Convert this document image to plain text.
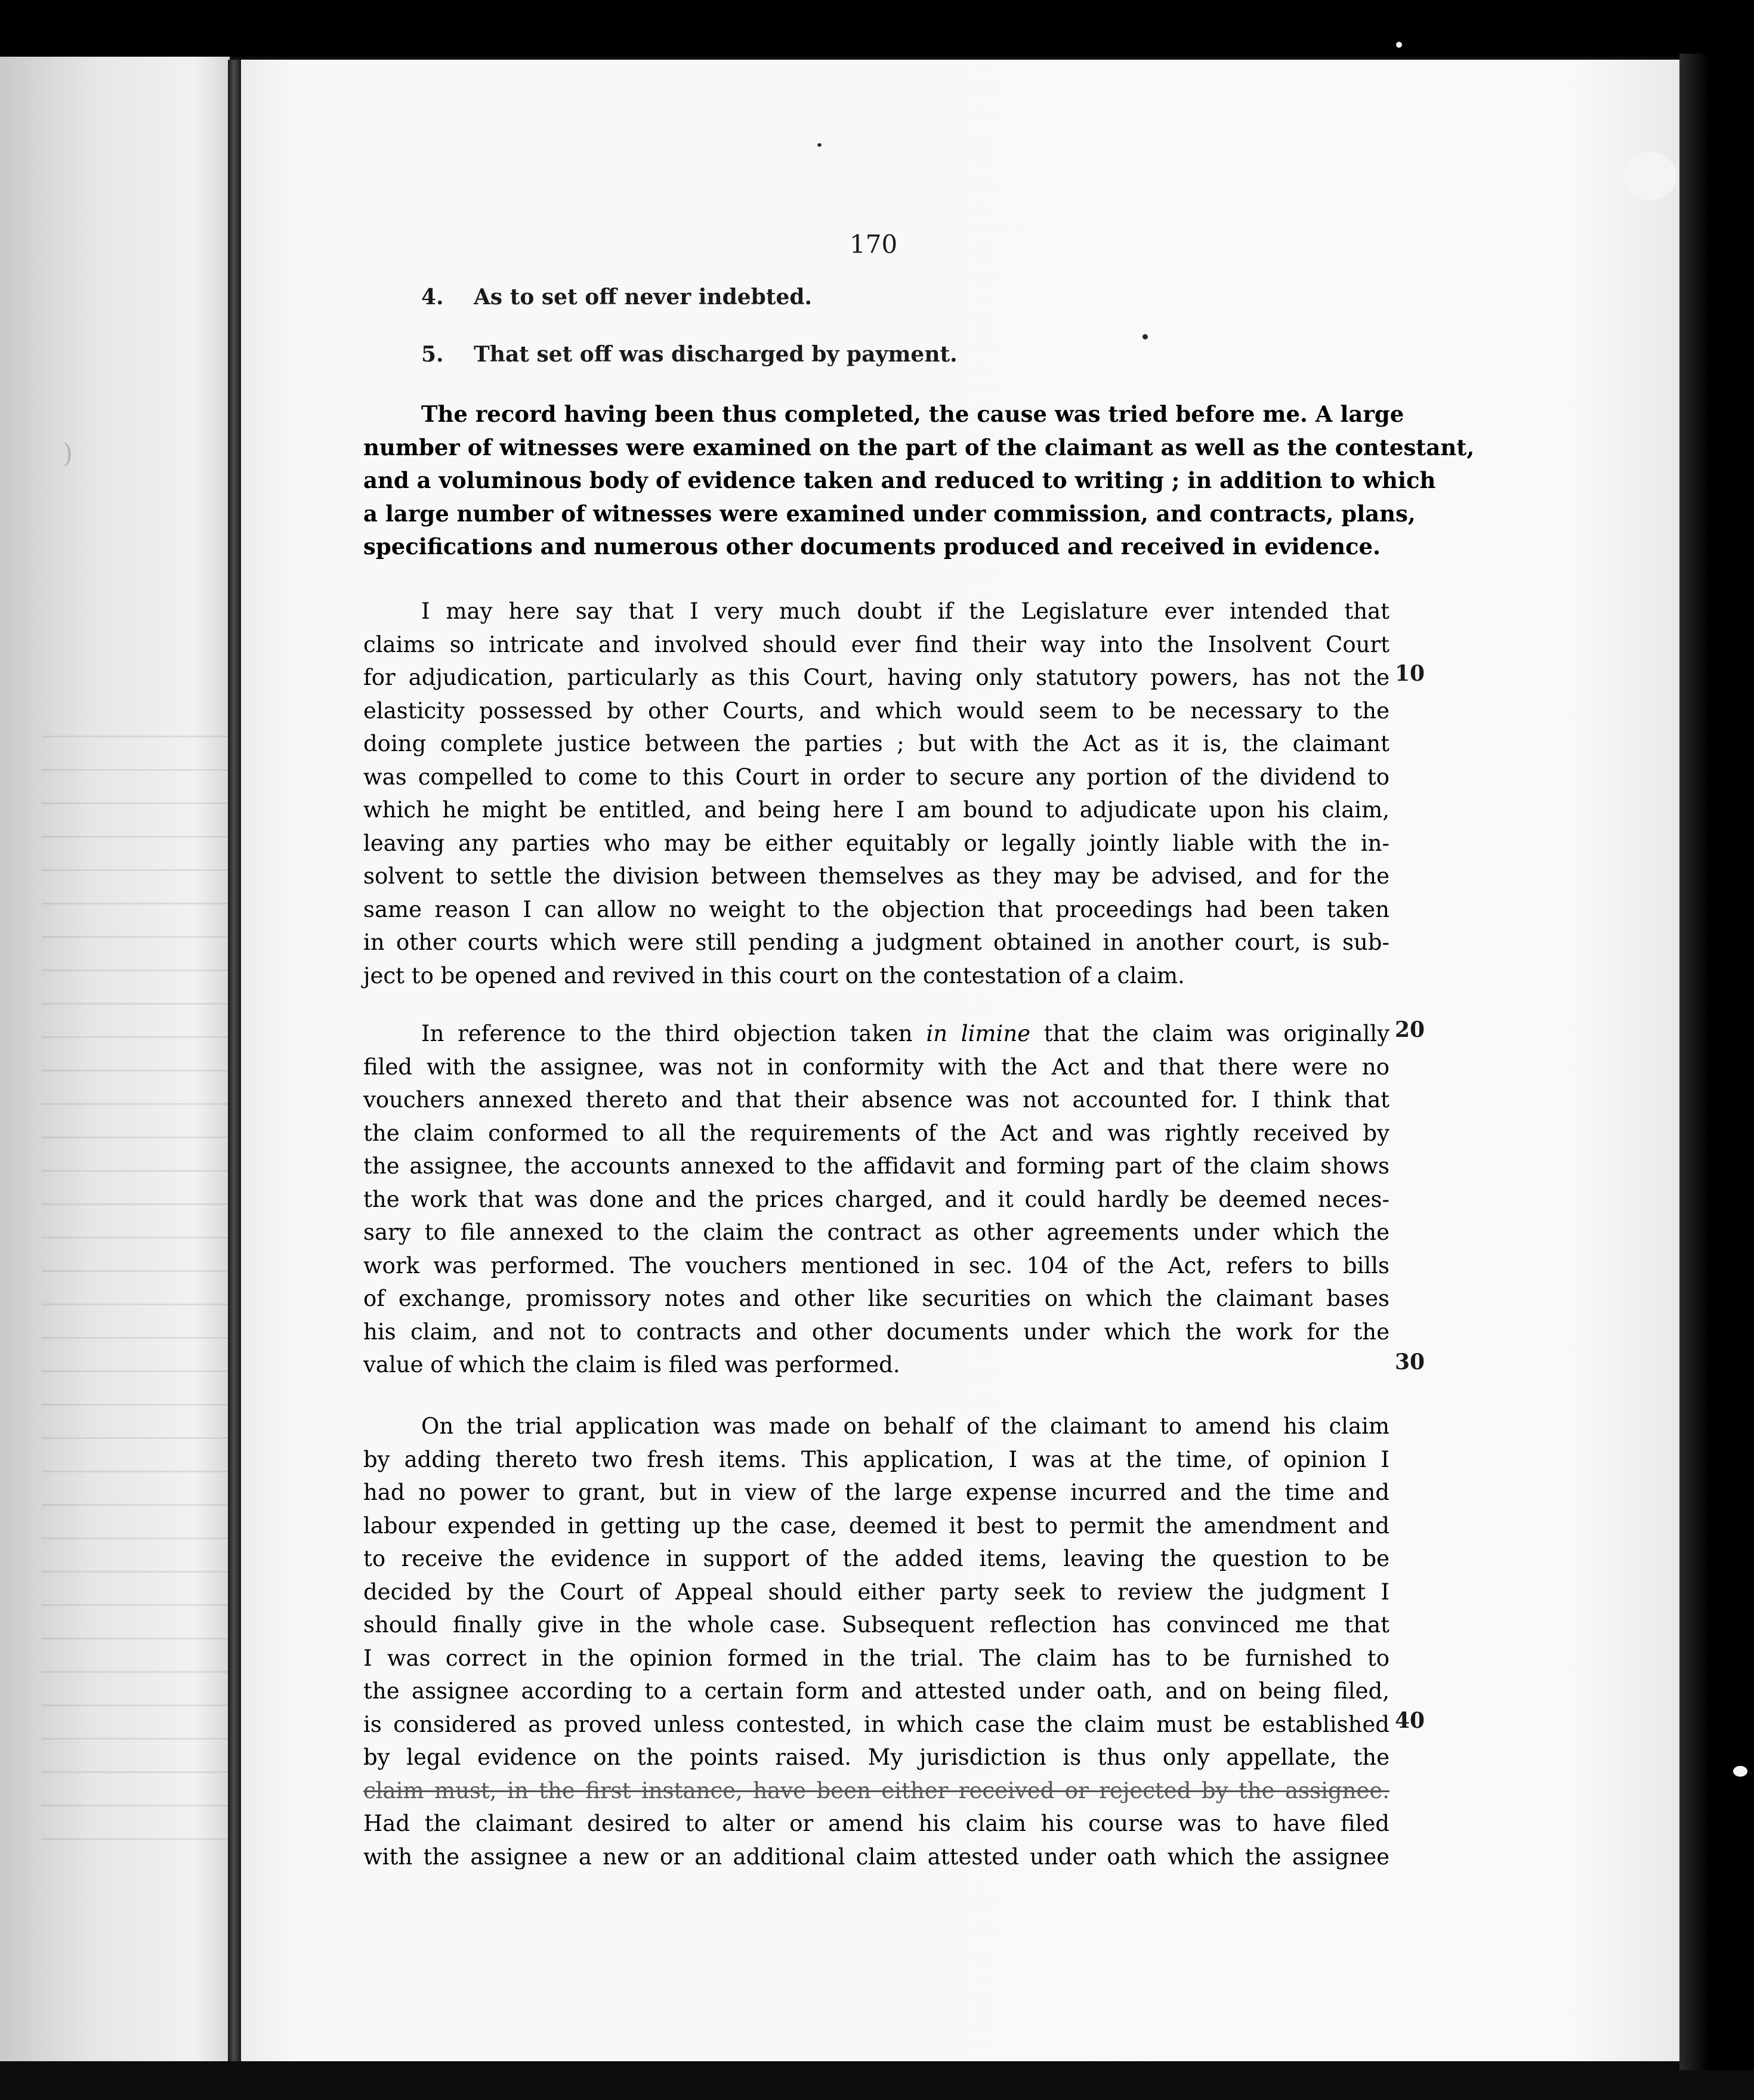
)
170
4. As to set off never indebted.
5. That set off was discharged by payment.
The record having been thus completed, the cause was tried before me. A large
number of witnesses were examined on the part of the claimant as well as the contestant,
and a voluminous body of evidence taken and reduced to writing ; in addition to which
a large number of witnesses were examined under commission, and contracts, plans,
specifications and numerous other documents produced and received in evidence.
I may here say that I very much doubt if the Legislature ever intended that
claims so intricate and involved should ever find their way into the Insolvent Court
for adjudication, particularly as this Court, having only statutory powers, has not the
elasticity possessed by other Courts, and which would seem to be necessary to the
doing complete justice between the parties ; but with the Act as it is, the claimant
was compelled to come to this Court in order to secure any portion of the dividend to
which he might be entitled, and being here I am bound to adjudicate upon his claim,
leaving any parties who may be either equitably or legally jointly liable with the in-
solvent to settle the division between themselves as they may be advised, and for the
same reason I can allow no weight to the objection that proceedings had been taken
in other courts which were still pending a judgment obtained in another court, is sub-
ject to be opened and revived in this court on the contestation of a claim.
In reference to the third objection taken in limine that the claim was originally
filed with the assignee, was not in conformity with the Act and that there were no
vouchers annexed thereto and that their absence was not accounted for. I think that
the claim conformed to all the requirements of the Act and was rightly received by
the assignee, the accounts annexed to the affidavit and forming part of the claim shows
the work that was done and the prices charged, and it could hardly be deemed neces-
sary to file annexed to the claim the contract as other agreements under which the
work was performed. The vouchers mentioned in sec. 104 of the Act, refers to bills
of exchange, promissory notes and other like securities on which the claimant bases
his claim, and not to contracts and other documents under which the work for the
value of which the claim is filed was performed.
On the trial application was made on behalf of the claimant to amend his claim
by adding thereto two fresh items. This application, I was at the time, of opinion I
had no power to grant, but in view of the large expense incurred and the time and
labour expended in getting up the case, deemed it best to permit the amendment and
to receive the evidence in support of the added items, leaving the question to be
decided by the Court of Appeal should either party seek to review the judgment I
should finally give in the whole case. Subsequent reflection has convinced me that
I was correct in the opinion formed in the trial. The claim has to be furnished to
the assignee according to a certain form and attested under oath, and on being filed,
is considered as proved unless contested, in which case the claim must be established
by legal evidence on the points raised. My jurisdiction is thus only appellate, the
claim must, in the first instance, have been either received or rejected by the assignee.
Had the claimant desired to alter or amend his claim his course was to have filed
with the assignee a new or an additional claim attested under oath which the assignee
10
20
30
40
